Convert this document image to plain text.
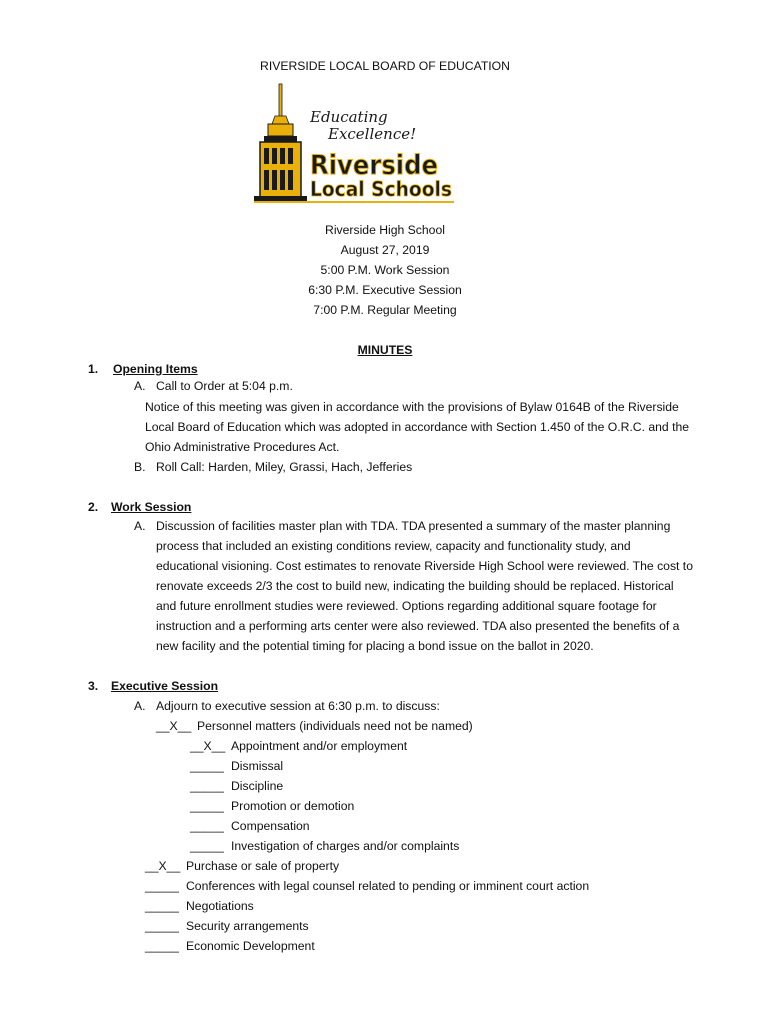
RIVERSIDE LOCAL BOARD OF EDUCATION
Educating
Excellence!
Riverside
Local Schools
Riverside High School
August 27, 2019
5:00 P.M. Work Session
6:30 P.M. Executive Session
7:00 P.M. Regular Meeting
MINUTES
1. Opening Items
A. Call to Order at 5:04 p.m.
Notice of this meeting was given in accordance with the provisions of Bylaw 0164B of the Riverside
Local Board of Education which was adopted in accordance with Section 1.450 of the O.R.C. and the
Ohio Administrative Procedures Act.
B. Roll Call: Harden, Miley, Grassi, Hach, Jefferies
2. Work Session
A. Discussion of facilities master plan with TDA. TDA presented a summary of the master planning
process that included an existing conditions review, capacity and functionality study, and
educational visioning. Cost estimates to renovate Riverside High School were reviewed. The cost to
renovate exceeds 2/3 the cost to build new, indicating the building should be replaced. Historical
and future enrollment studies were reviewed. Options regarding additional square footage for
instruction and a performing arts center were also reviewed. TDA also presented the benefits of a
new facility and the potential timing for placing a bond issue on the ballot in 2020.
3. Executive Session
A. Adjourn to executive session at 6:30 p.m. to discuss:
__X__ Personnel matters (individuals need not be named)
__X__ Appointment and/or employment
_____ Dismissal
_____ Discipline
_____ Promotion or demotion
_____ Compensation
_____ Investigation of charges and/or complaints
__X__ Purchase or sale of property
_____ Conferences with legal counsel related to pending or imminent court action
_____ Negotiations
_____ Security arrangements
_____ Economic Development
